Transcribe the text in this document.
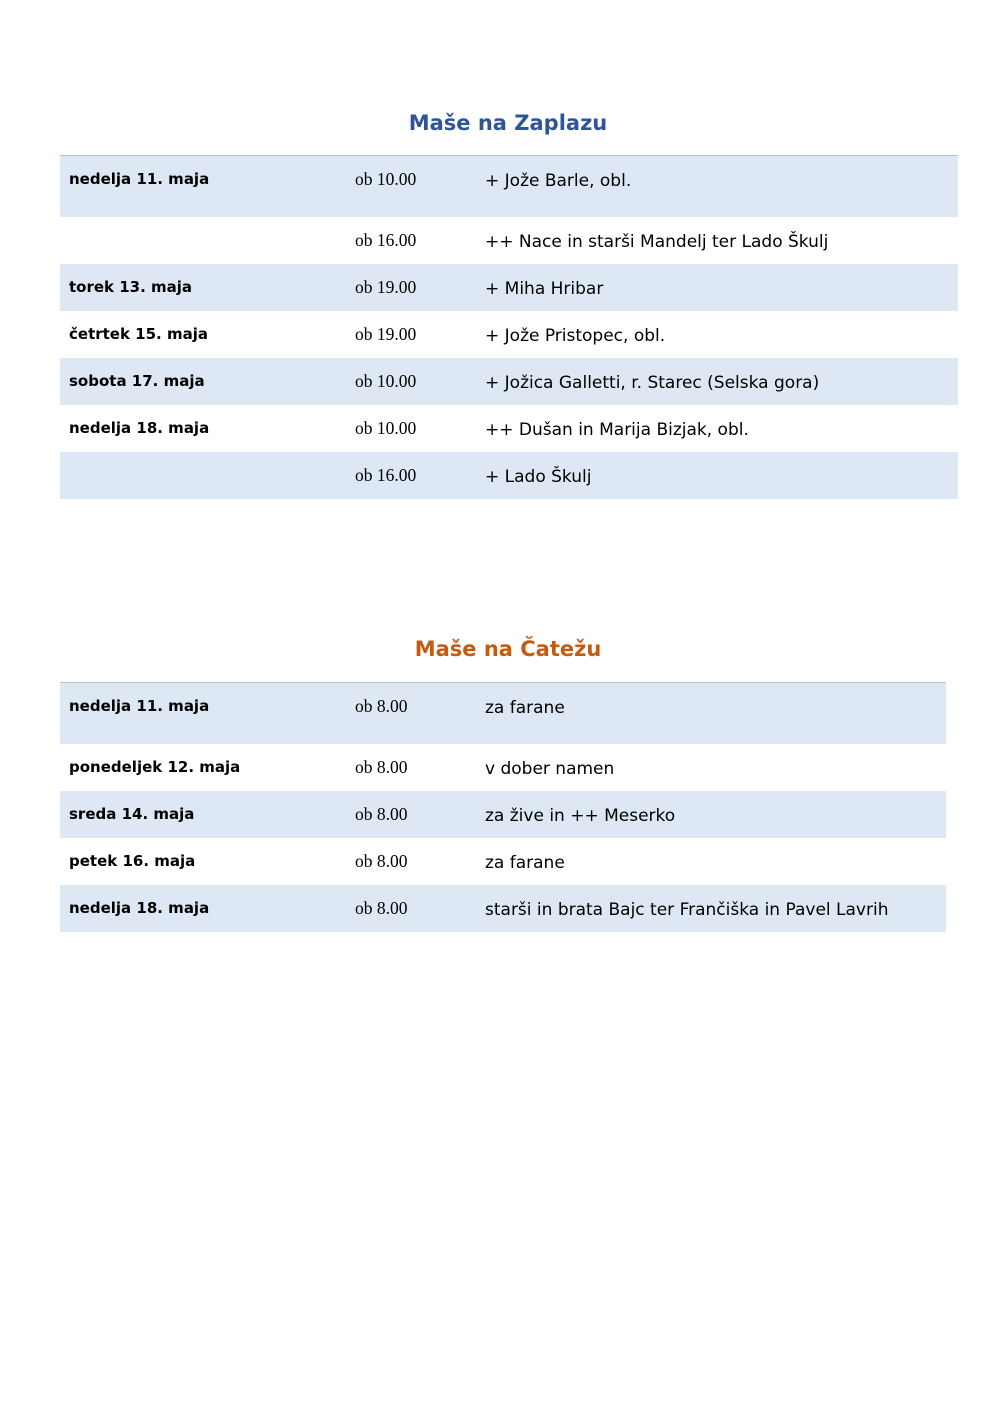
Maše na Zaplazu
nedelja 11. maja	ob 10.00	+ Jože Barle, obl.
	ob 16.00	++ Nace in starši Mandelj ter Lado Škulj
torek 13. maja	ob 19.00	+ Miha Hribar
četrtek 15. maja	ob 19.00	+ Jože Pristopec, obl.
sobota 17. maja	ob 10.00	+ Jožica Galletti, r. Starec (Selska gora)
nedelja 18. maja	ob 10.00	++ Dušan in Marija Bizjak, obl.
	ob 16.00	+ Lado Škulj
Maše na Čatežu
nedelja 11. maja	ob 8.00	za farane
ponedeljek 12. maja	ob 8.00	v dober namen
sreda 14. maja	ob 8.00	za žive in ++ Meserko
petek 16. maja	ob 8.00	za farane
nedelja 18. maja	ob 8.00	starši in brata Bajc ter Frančiška in Pavel Lavrih
